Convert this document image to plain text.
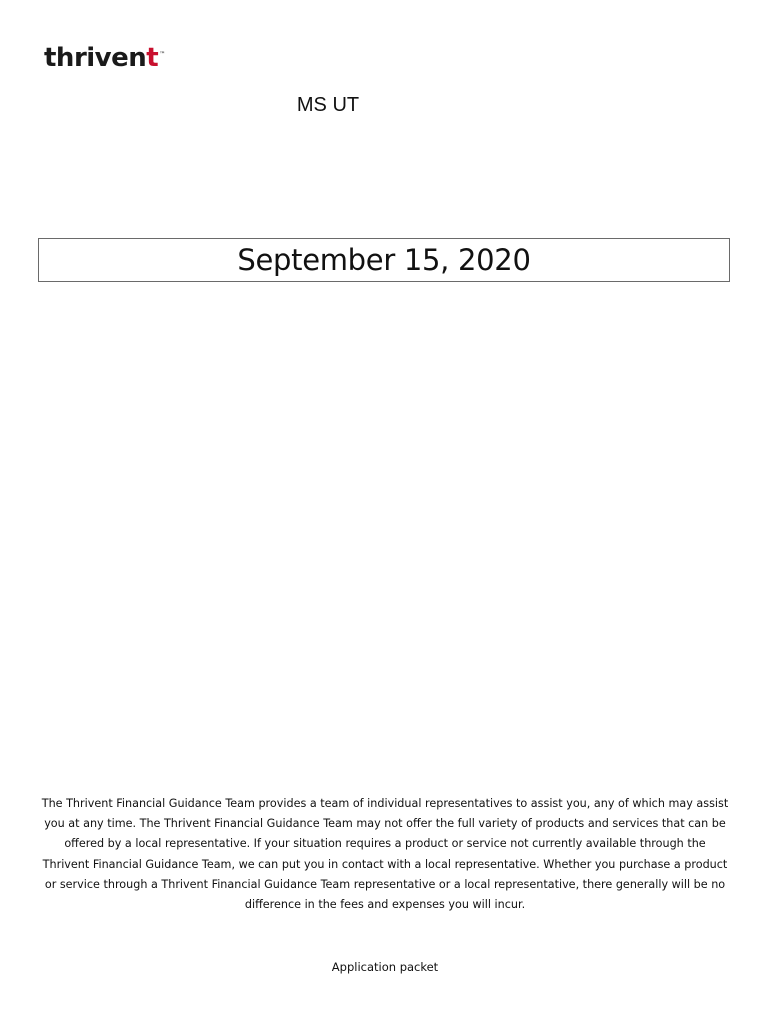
thrivent ™
MS UT
September 15, 2020
The Thrivent Financial Guidance Team provides a team of individual representatives to assist you, any of which may assist you at any time. The Thrivent Financial Guidance Team may not offer the full variety of products and services that can be offered by a local representative. If your situation requires a product or service not currently available through the Thrivent Financial Guidance Team, we can put you in contact with a local representative. Whether you purchase a product or service through a Thrivent Financial Guidance Team representative or a local representative, there generally will be no difference in the fees and expenses you will incur.
Application packet
